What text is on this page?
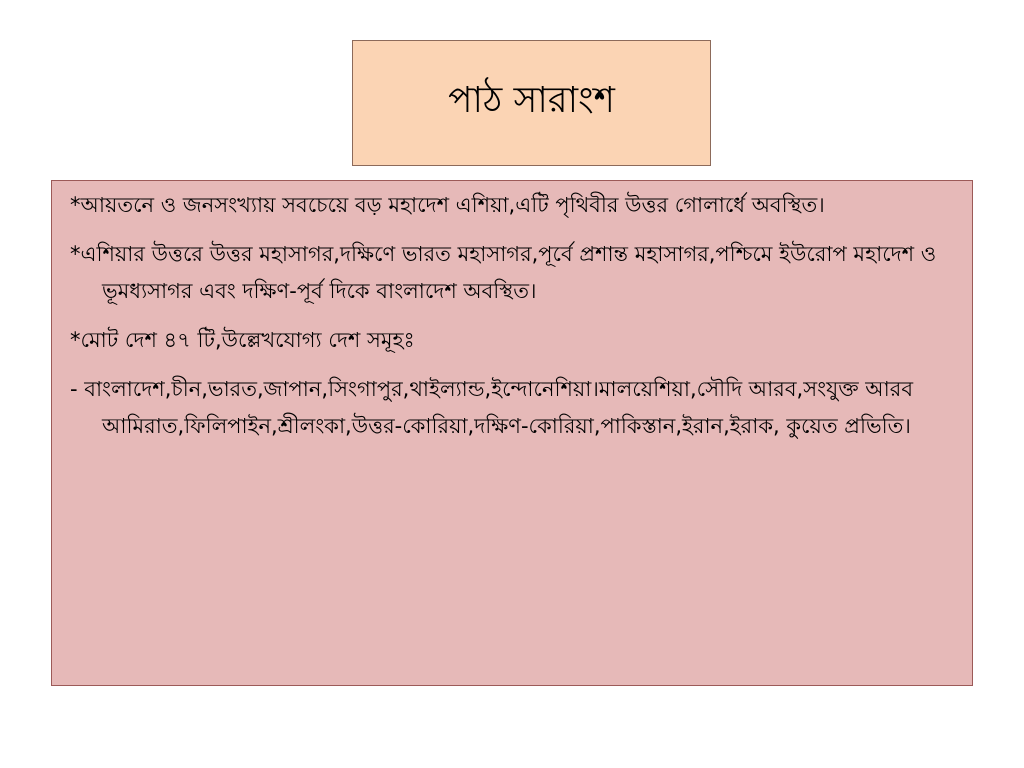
পাঠ সারাংশ

*আয়তনে ও জনসংখ্যায় সবচেয়ে বড় মহাদেশ এশিয়া,এটি পৃথিবীর উত্তর গোলার্ধে অবস্থিত।

*এশিয়ার উত্তরে উত্তর মহাসাগর,দক্ষিণে ভারত মহাসাগর,পূর্বে প্রশান্ত মহাসাগর,পশ্চিমে ইউরোপ মহাদেশ ও ভূমধ্যসাগর এবং দক্ষিণ-পূর্ব দিকে বাংলাদেশ অবস্থিত।

*মোট দেশ ৪৭ টি,উল্লেখযোগ্য দেশ সমূহঃ

- বাংলাদেশ,চীন,ভারত,জাপান,সিংগাপুর,থাইল্যান্ড,ইন্দোনেশিয়া।মালয়েশিয়া,সৌদি আরব,সংযুক্ত আরব আমিরাত,ফিলিপাইন,শ্রীলংকা,উত্তর-কোরিয়া,দক্ষিণ-কোরিয়া,পাকিস্তান,ইরান,ইরাক, কুয়েত প্রভিতি।
